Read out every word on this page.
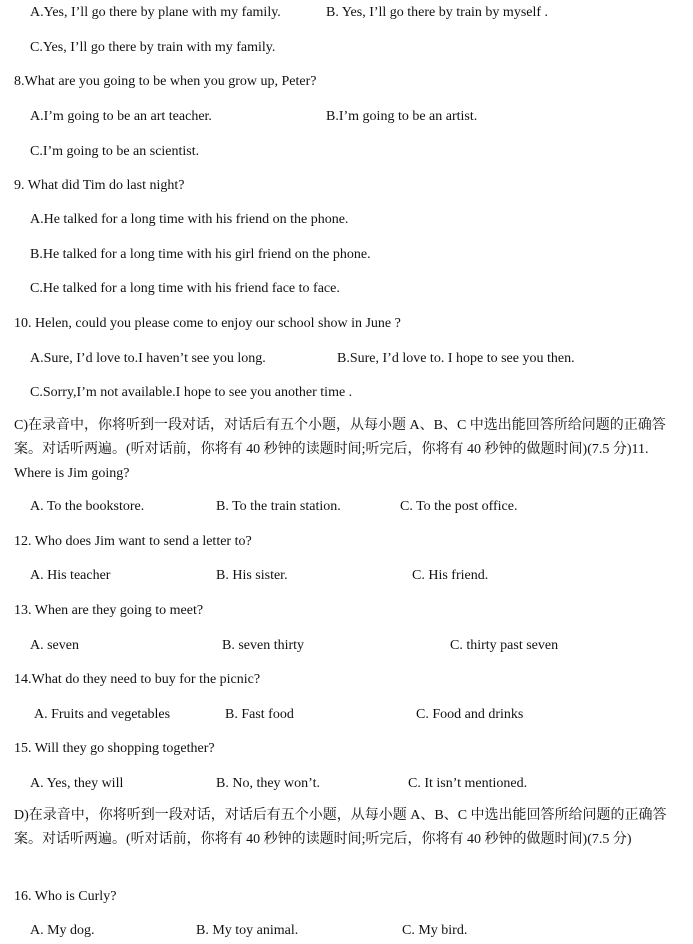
A.Yes, I’ll go there by plane with my family.	B. Yes, I’ll go there by train by myself .
C.Yes, I’ll go there by train with my family.
8.What are you going to be when you grow up, Peter?
A.I’m going to be an art teacher.	B.I’m going to be an artist.
C.I’m going to be an scientist.
9. What did Tim do last night?
A.He talked for a long time with his friend on the phone.
B.He talked for a long time with his girl friend on the phone.
C.He talked for a long time with his friend face to face.
10. Helen, could you please come to enjoy our school show in June ?
A.Sure, I’d love to.I haven’t see you long.	B.Sure, I’d love to. I hope to see you then.
C.Sorry,I’m not available.I hope to see you another time .
C)在录音中，你将听到一段对话，对话后有五个小题，从每小题 A、B、C 中选出能回答所给问题的正确答案。对话听两遍。(听对话前，你将有 40 秒钟的读题时间;听完后，你将有 40 秒钟的做题时间)(7.5 分)11. Where is Jim going?
A. To the bookstore.	B. To the train station.	C. To the post office.
12. Who does Jim want to send a letter to?
A. His teacher	B. His sister.	C. His friend.
13. When are they going to meet?
A. seven	B. seven thirty	C. thirty past seven
14.What do they need to buy for the picnic?
A. Fruits and vegetables	B. Fast food	C. Food and drinks
15. Will they go shopping together?
A. Yes, they will	B. No, they won’t.	C. It isn’t mentioned.
D)在录音中，你将听到一段对话，对话后有五个小题，从每小题 A、B、C 中选出能回答所给问题的正确答案。对话听两遍。(听对话前，你将有 40 秒钟的读题时间;听完后，你将有 40 秒钟的做题时间)(7.5 分)
16. Who is Curly?
A. My dog.	B. My toy animal.	C. My bird.
